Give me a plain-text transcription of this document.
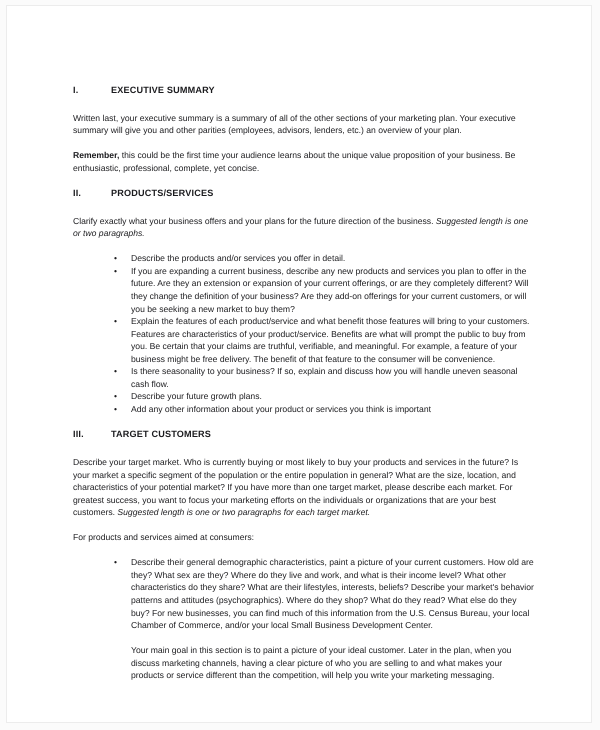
I.	EXECUTIVE SUMMARY

Written last, your executive summary is a summary of all of the other sections of your marketing plan. Your executive summary will give you and other parities (employees, advisors, lenders, etc.) an overview of your plan.

Remember, this could be the first time your audience learns about the unique value proposition of your business. Be enthusiastic, professional, complete, yet concise.

II.	PRODUCTS/SERVICES

Clarify exactly what your business offers and your plans for the future direction of the business. Suggested length is one or two paragraphs.

•	Describe the products and/or services you offer in detail.
•	If you are expanding a current business, describe any new products and services you plan to offer in the future. Are they an extension or expansion of your current offerings, or are they completely different? Will they change the definition of your business? Are they add-on offerings for your current customers, or will you be seeking a new market to buy them?
•	Explain the features of each product/service and what benefit those features will bring to your customers. Features are characteristics of your product/service. Benefits are what will prompt the public to buy from you. Be certain that your claims are truthful, verifiable, and meaningful. For example, a feature of your business might be free delivery. The benefit of that feature to the consumer will be convenience.
•	Is there seasonality to your business? If so, explain and discuss how you will handle uneven seasonal cash flow.
•	Describe your future growth plans.
•	Add any other information about your product or services you think is important
III.	TARGET CUSTOMERS

Describe your target market. Who is currently buying or most likely to buy your products and services in the future? Is your market a specific segment of the population or the entire population in general? What are the size, location, and characteristics of your potential market? If you have more than one target market, please describe each market. For greatest success, you want to focus your marketing efforts on the individuals or organizations that are your best customers. Suggested length is one or two paragraphs for each target market.

For products and services aimed at consumers:

•	Describe their general demographic characteristics, paint a picture of your current customers. How old are they? What sex are they? Where do they live and work, and what is their income level? What other characteristics do they share? What are their lifestyles, interests, beliefs? Describe your market's behavior patterns and attitudes (psychographics). Where do they shop? What do they read? What else do they buy? For new businesses, you can find much of this information from the U.S. Census Bureau, your local Chamber of Commerce, and/or your local Small Business Development Center.

Your main goal in this section is to paint a picture of your ideal customer. Later in the plan, when you discuss marketing channels, having a clear picture of who you are selling to and what makes your products or service different than the competition, will help you write your marketing messaging.
